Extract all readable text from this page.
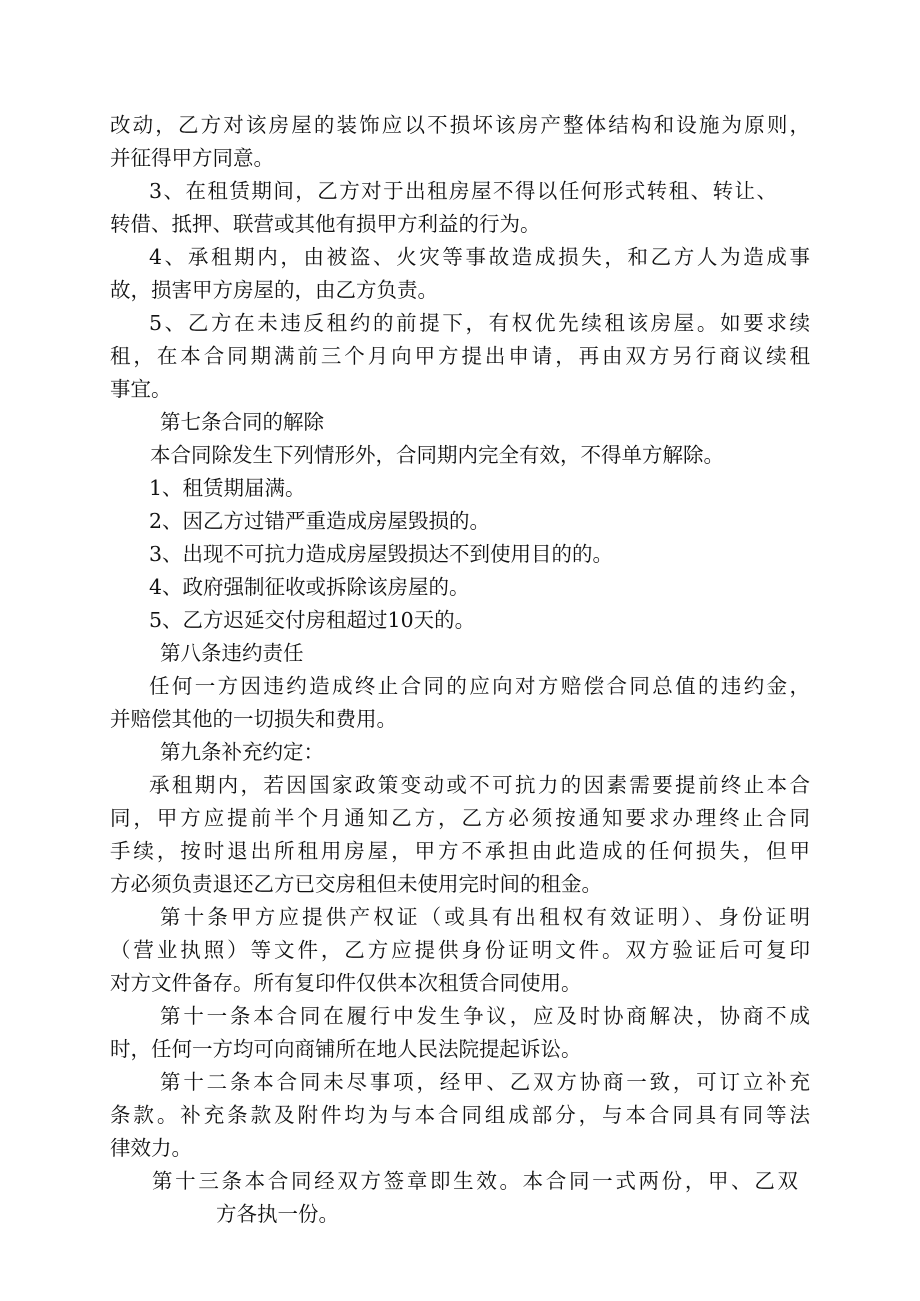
改动，乙方对该房屋的装饰应以不损坏该房产整体结构和设施为原则，

并征得甲方同意。

3、在租赁期间，乙方对于出租房屋不得以任何形式转租、转让、

转借、抵押、联营或其他有损甲方利益的行为。

4、承租期内，由被盗、火灾等事故造成损失，和乙方人为造成事

故，损害甲方房屋的，由乙方负责。

5、乙方在未违反租约的前提下，有权优先续租该房屋。如要求续

租，在本合同期满前三个月向甲方提出申请，再由双方另行商议续租

事宜。

第七条合同的解除

本合同除发生下列情形外，合同期内完全有效，不得单方解除。

1、租赁期届满。

2、因乙方过错严重造成房屋毁损的。

3、出现不可抗力造成房屋毁损达不到使用目的的。

4、政府强制征收或拆除该房屋的。

5、乙方迟延交付房租超过10天的。

第八条违约责任

任何一方因违约造成终止合同的应向对方赔偿合同总值的违约金，

并赔偿其他的一切损失和费用。

第九条补充约定：

承租期内，若因国家政策变动或不可抗力的因素需要提前终止本合

同，甲方应提前半个月通知乙方，乙方必须按通知要求办理终止合同

手续，按时退出所租用房屋，甲方不承担由此造成的任何损失，但甲

方必须负责退还乙方已交房租但未使用完时间的租金。

第十条甲方应提供产权证（或具有出租权有效证明）、身份证明

（营业执照）等文件，乙方应提供身份证明文件。双方验证后可复印

对方文件备存。所有复印件仅供本次租赁合同使用。

第十一条本合同在履行中发生争议，应及时协商解决，协商不成

时，任何一方均可向商铺所在地人民法院提起诉讼。

第十二条本合同未尽事项，经甲、乙双方协商一致，可订立补充

条款。补充条款及附件均为与本合同组成部分，与本合同具有同等法

律效力。

第十三条本合同经双方签章即生效。本合同一式两份，甲、乙双

方各执一份。
